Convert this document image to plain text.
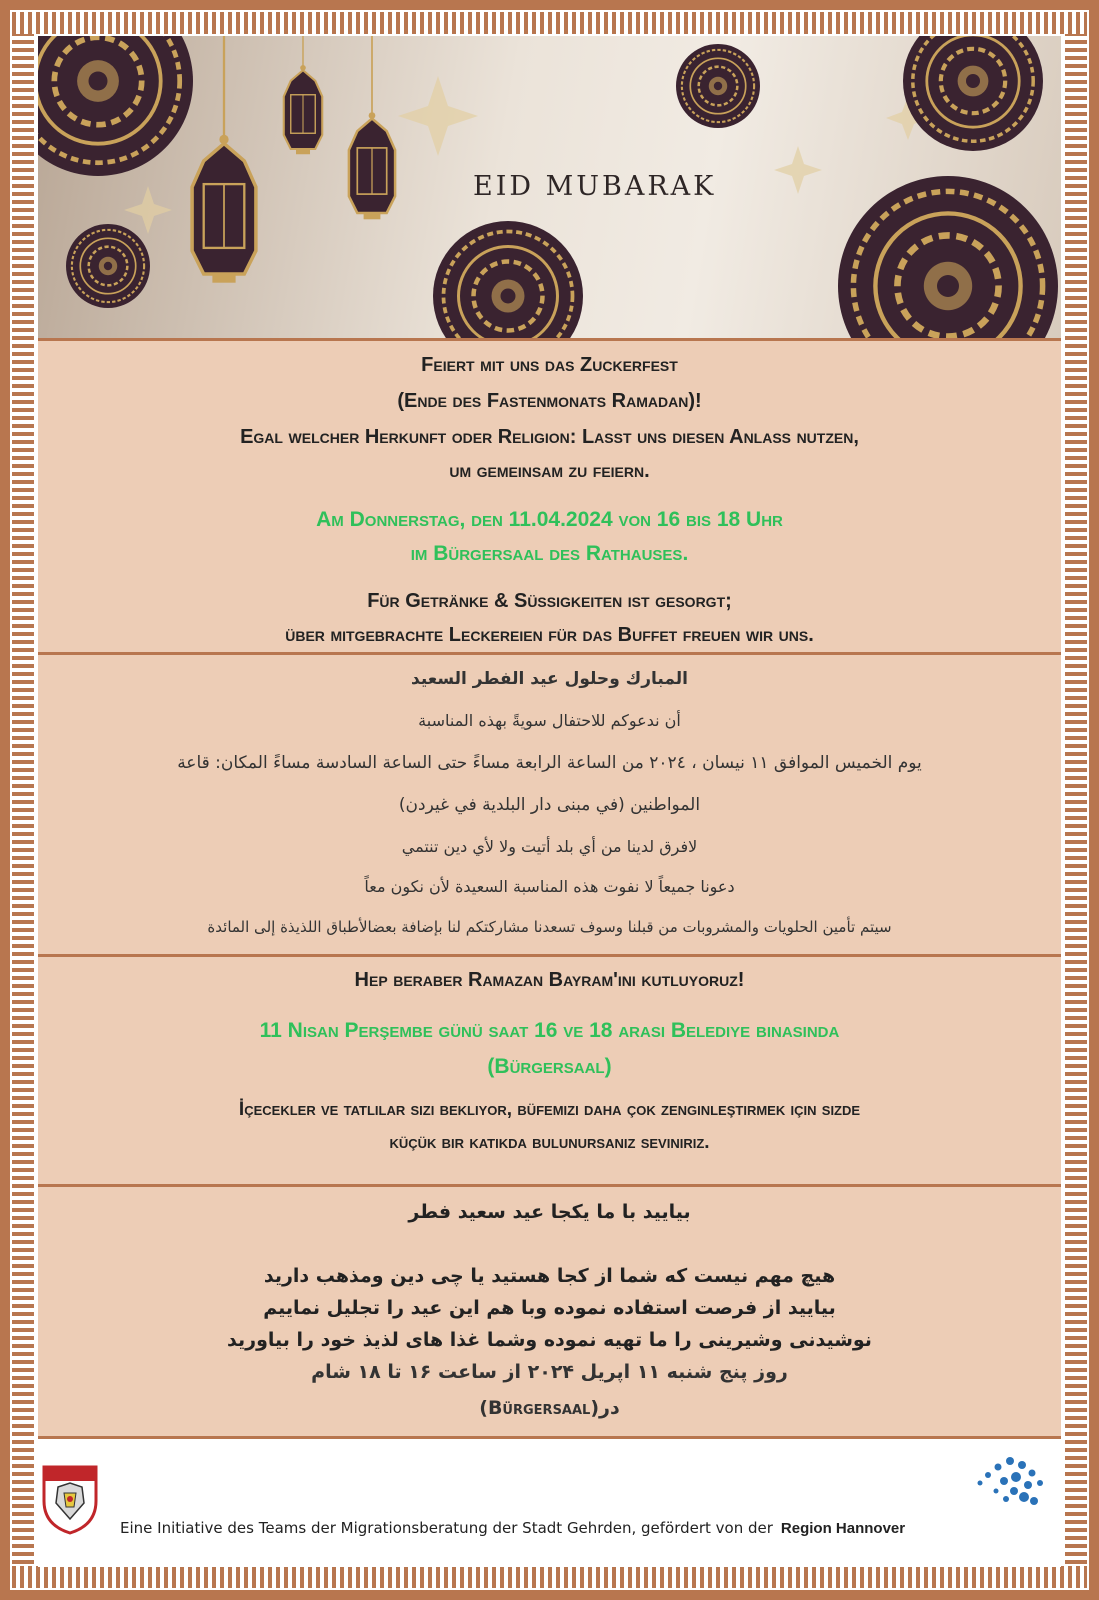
EID MUBARAK
Feiert mit uns das Zuckerfest
(Ende des Fastenmonats Ramadan)!
Egal welcher Herkunft oder Religion: Lasst uns diesen Anlass nutzen,
um gemeinsam zu feiern.
Am Donnerstag, den 11.04.2024 von 16 bis 18 Uhr
im Bürgersaal des Rathauses.
Für Getränke & Süssigkeiten ist gesorgt;
über mitgebrachte Leckereien für das Buffet freuen wir uns.
المبارك وحلول عيد الفطر السعيد
أن ندعوكم للاحتفال سويةً بهذه المناسبة
يوم الخميس الموافق ١١ نيسان ، ٢٠٢٤ من الساعة الرابعة مساءً حتى الساعة السادسة مساءً المكان: قاعة
المواطنين (في مبنى دار البلدية في غيردن)
لافرق لدينا من أي بلد أتيت ولا لأي دين تنتمي
دعونا جميعاً لا نفوت هذه المناسبة السعيدة لأن نكون معاً
سيتم تأمين الحلويات والمشروبات من قبلنا وسوف تسعدنا مشاركتكم لنا بإضافة بعضالأطباق اللذيذة إلى المائدة
Hep beraber Ramazan Bayram'ını kutluyoruz!
11 Nisan Perşembe günü saat 16 ve 18 arası Belediye binasında
(Bürgersaal)
İçecekler ve tatlılar sizi bekliyor, büfemizi daha çok zenginleştirmek için sizde
küçük bir katıkda bulunursanız seviniriz.
بیایید با ما یکجا عید سعید فطر
هیچ مهم نیست که شما از کجا هستید یا چی دین ومذهب دارید
بیایید از فرصت استفاده نموده وبا هم این عید را تجلیل نماییم
نوشیدنی وشیرینی را ما تهیه نموده وشما غذا های لذیذ خود را بیاورید
روز پنج شنبه ۱۱ اپریل ۲۰۲۴ از ساعت ۱۶ تا ۱۸ شام
در(Bürgersaal)
Eine Initiative des Teams der Migrationsberatung der Stadt Gehrden, gefördert von der Region Hannover
